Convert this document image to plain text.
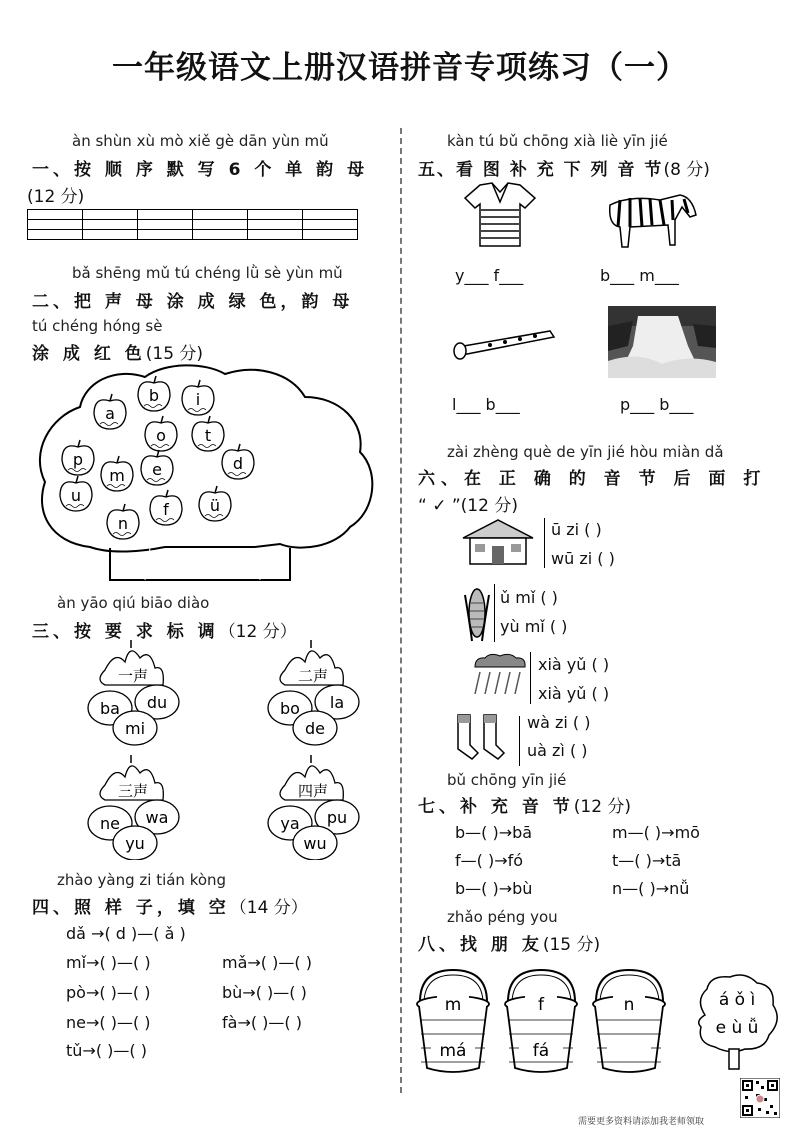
一年级语文上册汉语拼音专项练习（一）
àn shùn xù mò xiě gè dān yùn mǔ
一、按 顺 序 默 写 6 个 单 韵 母
(12 分)

bǎ shēng mǔ tú chéng lǜ sè yùn mǔ
二、把 声 母 涂 成 绿 色，韵 母
tú chéng hóng sè
涂 成 红 色(15 分)
a
b i
o t
p
m e	d
u
f	ü
n
àn yāo qiú biāo diào
三、按 要 求 标 调（12 分）
一声
ba du
mi
二声
bo la
de
三声
ne wa
yu
四声
ya pu
wu
zhào yàng zi tián kòng
四、照 样 子，填 空（14 分）
dǎ →( d )—( ǎ )
mǐ→( )—( )	mǎ→( )—( )
pò→( )—( )	bù→( )—( )
ne→( )—( )	fà→( )—( )
tǔ→( )—( )
kàn tú bǔ chōng xià liè yīn jié
五、看 图 补 充 下 列 音 节(8 分)
y___ f___	b___ m___
l___ b___	p___ b___
zài zhèng què de yīn jié hòu miàn dǎ
六、在 正 确 的 音 节 后 面 打
“ ✓ ”(12 分)
ū zi ( )
wū zi ( )
ǔ mǐ ( )
yù mǐ ( )
xià yǔ ( )
xià yǔ ( )
wà zi ( )
uà zì ( )
bǔ chōng yīn jié
七、补 充 音 节(12 分)
b—( )→bā	m—( )→mō
f—( )→fó	t—( )→tā
b—( )→bù	n—( )→nǚ
zhǎo péng you
八、找 朋 友(15 分)
m
má
f
fá
n	á ǒ ì
e ù ǚ
需要更多资料请添加我老师领取
